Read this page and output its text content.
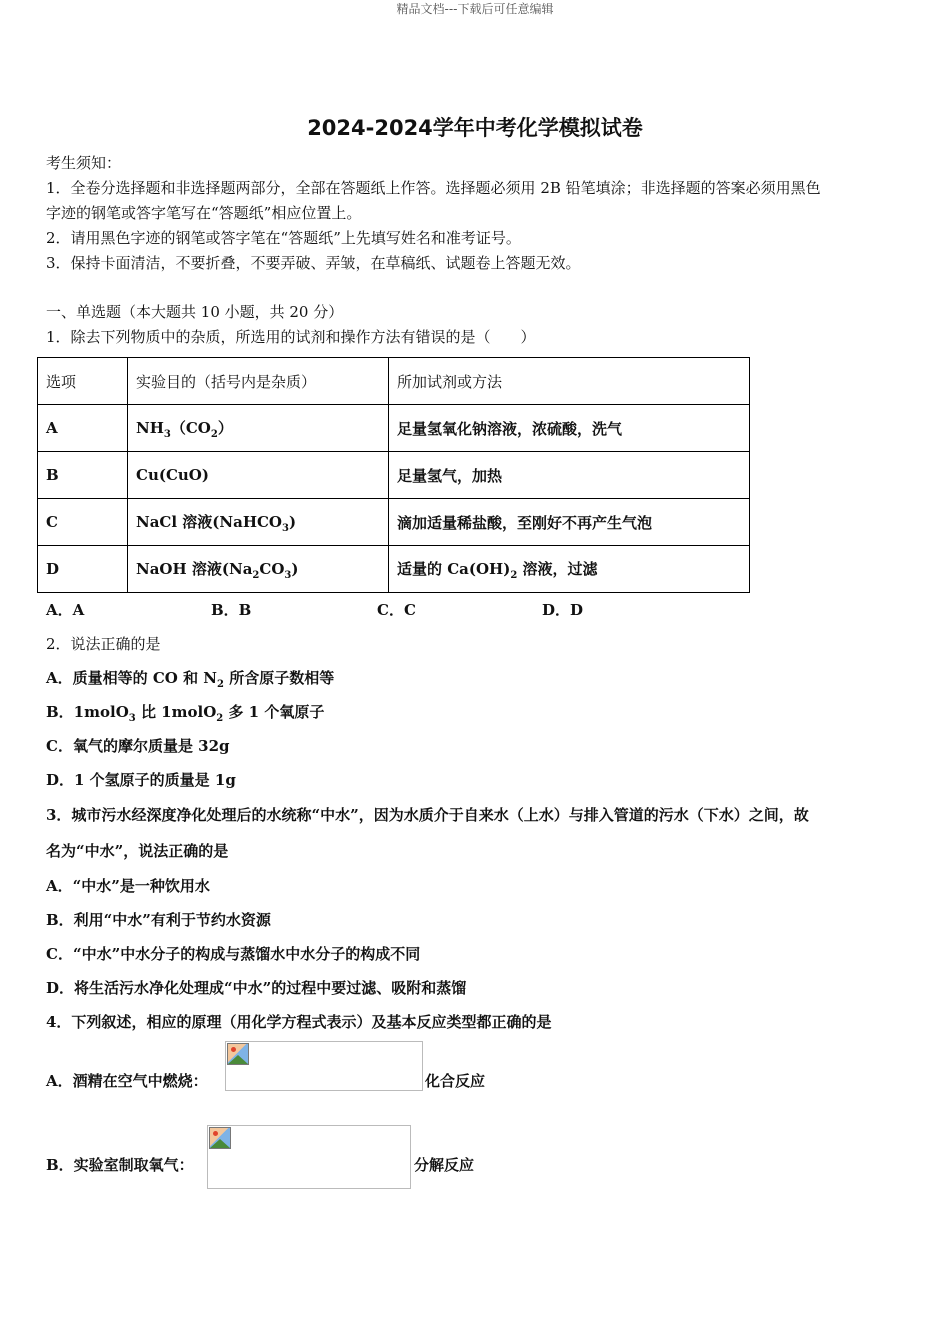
精品文档---下载后可任意编辑
2024-2024学年中考化学模拟试卷
考生须知：
1．全卷分选择题和非选择题两部分，全部在答题纸上作答。选择题必须用 2B 铅笔填涂；非选择题的答案必须用黑色
字迹的钢笔或答字笔写在“答题纸”相应位置上。
2．请用黑色字迹的钢笔或答字笔在“答题纸”上先填写姓名和准考证号。
3．保持卡面清洁，不要折叠，不要弄破、弄皱，在草稿纸、试题卷上答题无效。
一、单选题（本大题共 10 小题，共 20 分）
1．除去下列物质中的杂质，所选用的试剂和操作方法有错误的是（　　）
选项	实验目的（括号内是杂质）	所加试剂或方法
A	$NH_3(CO_2)$	足量氢氧化钠溶液，浓硫酸，洗气
B	Cu(CuO)	足量氢气，加热
C	NaCl 溶液(NaHCO$_3$)	滴加适量稀盐酸，至刚好不再产生气泡
D	NaOH 溶液$(Na_2CO_3)$	适量的 $Ca(OH)_2$ 溶液，过滤
A．A	B．B	C．C	D．D
2．说法正确的是
A．质量相等的 CO 和 $N_2$ 所含原子数相等
B．1molO$_3$ 比 1molO$_2$ 多 1 个氧原子
C．氧气的摩尔质量是 32g
D．1 个氢原子的质量是 1g
3．城市污水经深度净化处理后的水统称“中水”，因为水质介于自来水（上水）与排入管道的污水（下水）之间，故
名为“中水”，说法正确的是
A．“中水”是一种饮用水
B．利用“中水”有利于节约水资源
C．“中水”中水分子的构成与蒸馏水中水分子的构成不同
D．将生活污水净化处理成“中水”的过程中要过滤、吸附和蒸馏
4．下列叙述，相应的原理（用化学方程式表示）及基本反应类型都正确的是
A．酒精在空气中燃烧：	化合反应
B．实验室制取氧气：	分解反应
